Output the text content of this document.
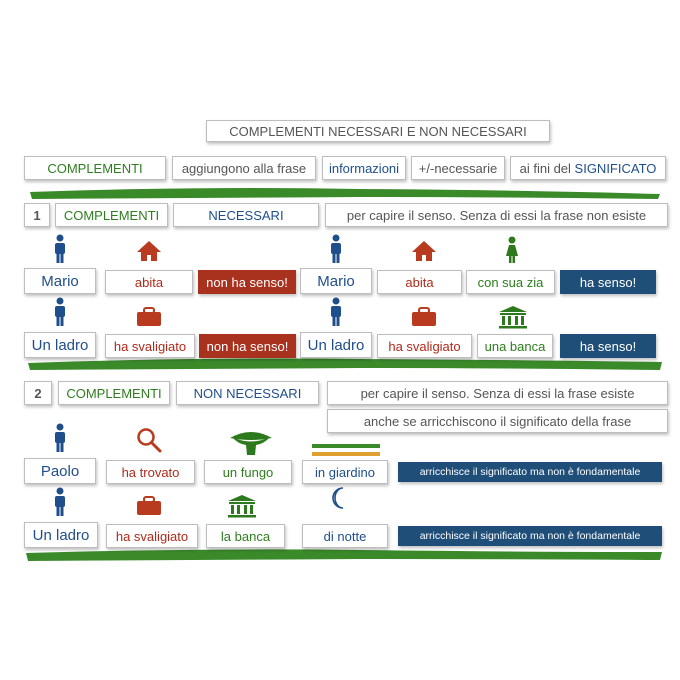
COMPLEMENTI NECESSARI E NON NECESSARI
COMPLEMENTI	aggiungono alla frase	informazioni	+/-necessarie	ai fini del SIGNIFICATO
1	COMPLEMENTI	NECESSARI	per capire il senso. Senza di essi la frase non esiste
Mario	abita	non ha senso!	Mario	abita	con sua zia	ha senso!
Un ladro	ha svaligiato	non ha senso!	Un ladro	ha svaligiato	una banca	ha senso!
2	COMPLEMENTI	NON NECESSARI	per capire il senso. Senza di essi la frase esiste
anche se arricchiscono il significato della frase
Paolo	ha trovato	un fungo	in giardino	arricchisce il significato ma non è fondamentale
Un ladro	ha svaligiato	la banca	di notte	arricchisce il significato ma non è fondamentale
